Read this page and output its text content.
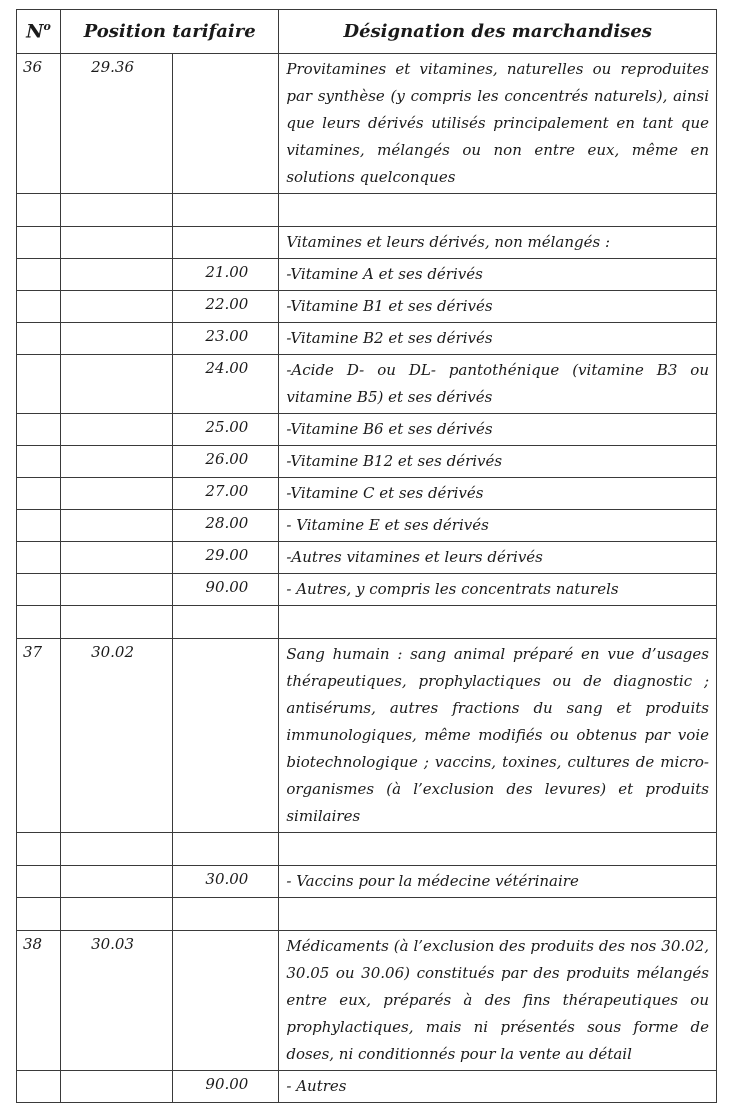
$N^o$	Position tarifaire		Désignation des marchandises
36	29.36		Provitamines et vitamines, naturelles ou reproduites par synthèse (y compris les concentrés naturels), ainsi que leurs dérivés utilisés principalement en tant que vitamines, mélangés ou non entre eux, même en solutions quelconques

			Vitamines et leurs dérivés, non mélangés :
		21.00	-Vitamine A et ses dérivés
		22.00	-Vitamine B1 et ses dérivés
		23.00	-Vitamine B2 et ses dérivés
		24.00	-Acide D- ou DL- pantothénique (vitamine B3 ou vitamine B5) et ses dérivés
		25.00	-Vitamine B6 et ses dérivés
		26.00	-Vitamine B12 et ses dérivés
		27.00	-Vitamine C et ses dérivés
		28.00	- Vitamine E et ses dérivés
		29.00	-Autres vitamines et leurs dérivés
		90.00	- Autres, y compris les concentrats naturels

37	30.02		Sang humain : sang animal préparé en vue d’usages thérapeutiques, prophylactiques ou de diagnostic ; antisérums, autres fractions du sang et produits immunologiques, même modifiés ou obtenus par voie biotechnologique ; vaccins, toxines, cultures de micro-organismes (à l’exclusion des levures) et produits similaires

		30.00	- Vaccins pour la médecine vétérinaire

38	30.03		Médicaments (à l’exclusion des produits des nos 30.02, 30.05 ou 30.06) constitués par des produits mélangés entre eux, préparés à des fins thérapeutiques ou prophylactiques, mais ni présentés sous forme de doses, ni conditionnés pour la vente au détail
		90.00	- Autres
